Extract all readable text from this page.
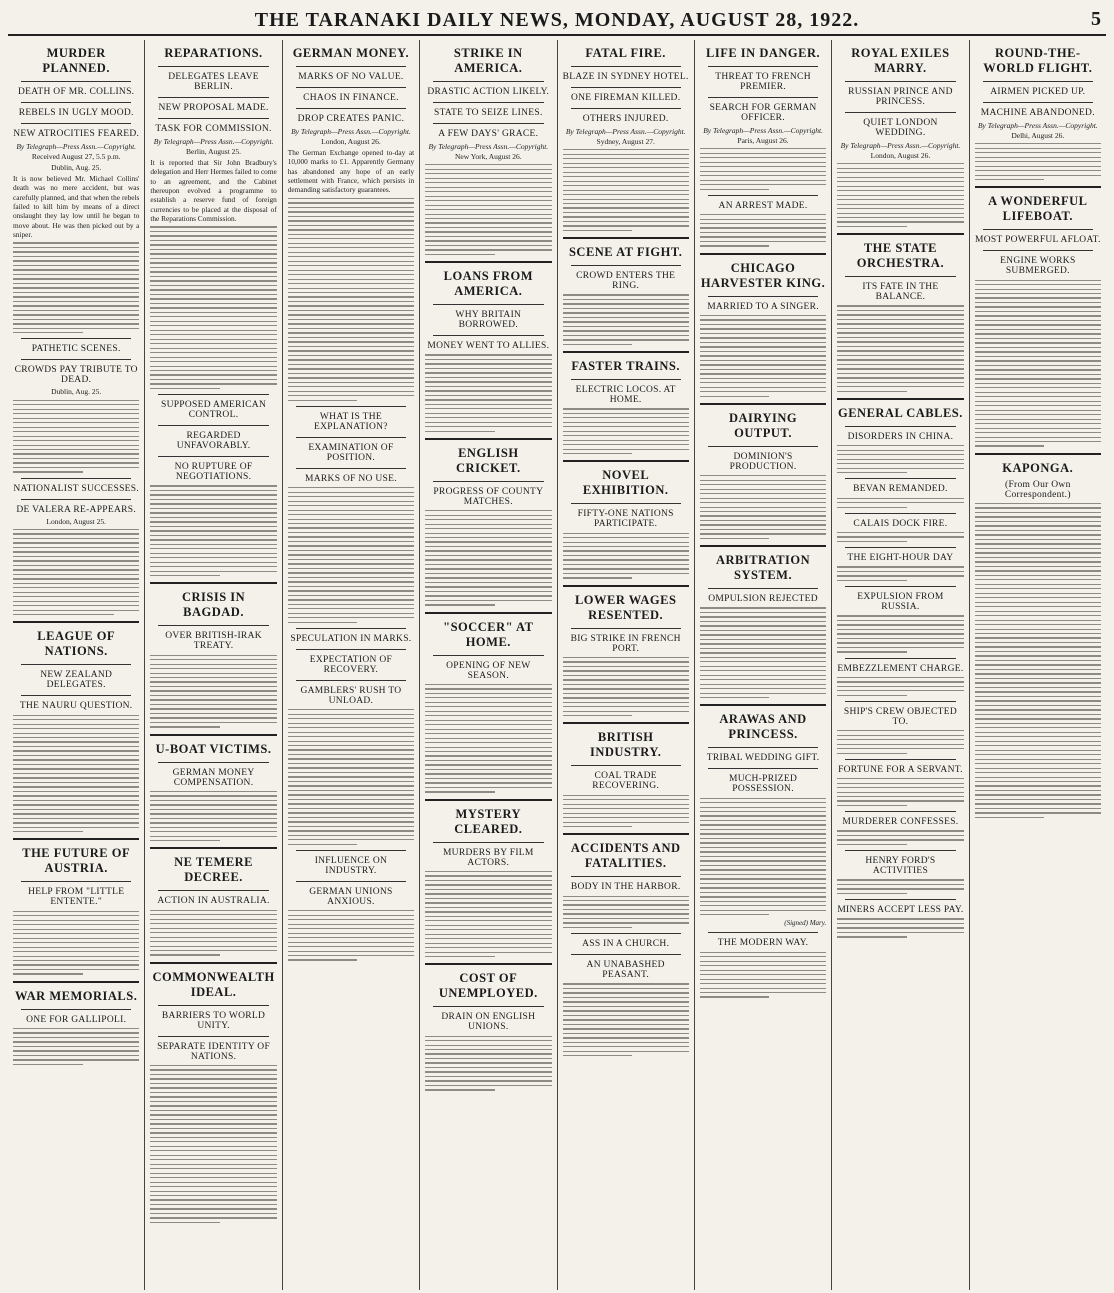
THE TARANAKI DAILY NEWS, MONDAY, AUGUST 28, 1922.	5
MURDER PLANNED.
DEATH OF MR. COLLINS.
REBELS IN UGLY MOOD.
NEW ATROCITIES FEARED.
By Telegraph—Press Assn.—Copyright.
Received August 27, 5.5 p.m.
Dublin, Aug. 25.
It is now believed Mr. Michael Collins' death was no mere accident, but was carefully planned, and that when the rebels failed to kill him by means of a direct onslaught they lay low until he began to move about. He was then picked out by a sniper.
PATHETIC SCENES.
CROWDS PAY TRIBUTE TO DEAD.
Dublin, Aug. 25.
NATIONALIST SUCCESSES.
DE VALERA RE-APPEARS.
London, August 25.
LEAGUE OF NATIONS.
NEW ZEALAND DELEGATES.
THE NAURU QUESTION.
THE FUTURE OF AUSTRIA.
HELP FROM "LITTLE ENTENTE."
WAR MEMORIALS.
ONE FOR GALLIPOLI.
REPARATIONS.
DELEGATES LEAVE BERLIN.
NEW PROPOSAL MADE.
TASK FOR COMMISSION.
By Telegraph—Press Assn.—Copyright.
Berlin, August 25.
It is reported that Sir John Bradbury's delegation and Herr Hermes failed to come to an agreement, and the Cabinet thereupon evolved a programme to establish a reserve fund of foreign currencies to be placed at the disposal of the Reparations Commission.
SUPPOSED AMERICAN CONTROL.
REGARDED UNFAVORABLY.
NO RUPTURE OF NEGOTIATIONS.
CRISIS IN BAGDAD.
OVER BRITISH-IRAK TREATY.
U-BOAT VICTIMS.
GERMAN MONEY COMPENSATION.
NE TEMERE DECREE.
ACTION IN AUSTRALIA.
COMMONWEALTH IDEAL.
BARRIERS TO WORLD UNITY.
SEPARATE IDENTITY OF NATIONS.
GERMAN MONEY.
MARKS OF NO VALUE.
CHAOS IN FINANCE.
DROP CREATES PANIC.
By Telegraph—Press Assn.—Copyright.
London, August 26.
The German Exchange opened to-day at 10,000 marks to £1. Apparently Germany has abandoned any hope of an early settlement with France, which persists in demanding satisfactory guarantees.
WHAT IS THE EXPLANATION?
EXAMINATION OF POSITION.
MARKS OF NO USE.
SPECULATION IN MARKS.
EXPECTATION OF RECOVERY.
GAMBLERS' RUSH TO UNLOAD.
INFLUENCE ON INDUSTRY.
GERMAN UNIONS ANXIOUS.
STRIKE IN AMERICA.
DRASTIC ACTION LIKELY.
STATE TO SEIZE LINES.
A FEW DAYS' GRACE.
By Telegraph—Press Assn.—Copyright.
New York, August 26.
LOANS FROM AMERICA.
WHY BRITAIN BORROWED.
MONEY WENT TO ALLIES.
ENGLISH CRICKET.
PROGRESS OF COUNTY MATCHES.
"SOCCER" AT HOME.
OPENING OF NEW SEASON.
MYSTERY CLEARED.
MURDERS BY FILM ACTORS.
COST OF UNEMPLOYED.
DRAIN ON ENGLISH UNIONS.
FATAL FIRE.
BLAZE IN SYDNEY HOTEL.
ONE FIREMAN KILLED.
OTHERS INJURED.
By Telegraph—Press Assn.—Copyright.
Sydney, August 27.
SCENE AT FIGHT.
CROWD ENTERS THE RING.
FASTER TRAINS.
ELECTRIC LOCOS. AT HOME.
NOVEL EXHIBITION.
FIFTY-ONE NATIONS PARTICIPATE.
LOWER WAGES RESENTED.
BIG STRIKE IN FRENCH PORT.
BRITISH INDUSTRY.
COAL TRADE RECOVERING.
ACCIDENTS AND FATALITIES.
BODY IN THE HARBOR.
ASS IN A CHURCH.
AN UNABASHED PEASANT.
LIFE IN DANGER.
THREAT TO FRENCH PREMIER.
SEARCH FOR GERMAN OFFICER.
By Telegraph—Press Assn.—Copyright.
Paris, August 26.
AN ARREST MADE.
CHICAGO HARVESTER KING.
MARRIED TO A SINGER.
DAIRYING OUTPUT.
DOMINION'S PRODUCTION.
ARBITRATION SYSTEM.
OMPULSION REJECTED
ARAWAS AND PRINCESS.
TRIBAL WEDDING GIFT.
MUCH-PRIZED POSSESSION.
(Signed) Mary.
THE MODERN WAY.
ROYAL EXILES MARRY.
RUSSIAN PRINCE AND PRINCESS.
QUIET LONDON WEDDING.
By Telegraph—Press Assn.—Copyright.
London, August 26.
THE STATE ORCHESTRA.
ITS FATE IN THE BALANCE.
GENERAL CABLES.
DISORDERS IN CHINA.
BEVAN REMANDED.
CALAIS DOCK FIRE.
THE EIGHT-HOUR DAY
EXPULSION FROM RUSSIA.
EMBEZZLEMENT CHARGE.
SHIP'S CREW OBJECTED TO.
FORTUNE FOR A SERVANT.
MURDERER CONFESSES.
HENRY FORD'S ACTIVITIES
MINERS ACCEPT LESS PAY.
ROUND-THE-WORLD FLIGHT.
AIRMEN PICKED UP.
MACHINE ABANDONED.
By Telegraph—Press Assn.—Copyright.
Delhi, August 26.
A WONDERFUL LIFEBOAT.
MOST POWERFUL AFLOAT.
ENGINE WORKS SUBMERGED.
KAPONGA.
(From Our Own Correspondent.)
